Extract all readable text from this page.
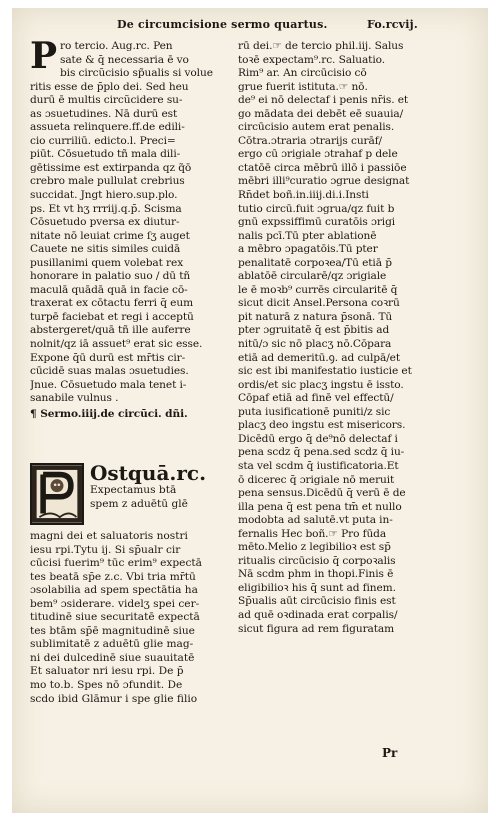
De circumcisione sermo quartus.	Fo.rcvij.
P ro tercio. Aug.rc. Pen
sate & q̄ necessaria ē vo
bis circũcisio sp̃ualis si volue
ritis esse de p̄plo dei. Sed heu
durū ē multis circũcidere su-
as ɔsuetudines. Nā durū est
assueta relinquere.ff.de edili-
cio curriliū. edicto.l. Preci=
piūt. Cōsuetudo tñ mala dili-
gētissime est extirpanda qz q̃ō
crebro male pullulat crebrius
succidat. Jngt hiero.sup.plo.
ps. Et vt hʒ rrriij.q.p̄. Scisma
Cōsuetudo pversa ex diutur-
nitate nō leuiat crime ſʒ auget
Cauete ne sitis similes cuidā
pusillanimi quem volebat rex
honorare in palatio suo / dū tñ
maculā quādā quā in facie cō-
traxerat ex cōtactu ferri q̄ eum
turpē faciebat et regi i acceptū
abstergeret/quā tñ ille auferre
nolnit/qz iā assuet⁹ erat sic esse.
Expone q̄ū durū est mr̄tis cir-
cūcidē suas malas ɔsuetudies.
Jnue. Cōsuetudo mala tenet i-
sanabile vulnus .
¶ Sermo.iiij.de circūci. dñi.
Ostquā.rc.
Expectamus btā
spem z aduētū glē
rū dei.☞ de tercio phil.iij. Salus
toꝛē expectam⁹.rc. Saluatio.
Rim⁹ ar. An circūcisio cō
grue fuerit istituta.☞ nō.
de⁹ ei nō delectaf i penis nr̄is. et
go mādata dei debēt eē suauia/
circūcisio autem erat penalis.
Cōtra.ɔtraria ɔtrarijs curāf/
ergo cū ɔrigiale ɔtrahaf p dele
ctatōē circa mēbrū illō i passiōe
mēbri illi⁹curatio ɔgrue designat
Rn̄det boñ.in.iiij.di.i.Insti
tutio circū.fuit ɔgrua/qz fuit b̄
gnū expssiffimū curatōis ɔrigi
nalis pcī.Tū pter ablationē
a mēbro ɔpagatōis.Tū pter
penalitatē corpoꝛea/Tū etiā p̄
ablatōē circularē/qz ɔrigiale
le ē moꝛb⁹ currēs circularitē q̄
sicut dicit Ansel.Persona coꝛrū
pit naturā z natura p̄sonā. Tū
pter ɔgruitatē q̄ est p̄bitis ad
nitū/ɔ sic nō placʒ nō.Cōpara
etiā ad demeritū.ꝯ. ad culpā/et
sic est ibi manifestatio iusticie et
ordis/et sic placʒ ingstu ē issto.
Cōpaf etiā ad finē vel effectū/
puta iusificationē puniti/z sic
placʒ deo ingstu est misericors.
Dicēdū ergo q̄ de⁹nō delectaf i
pena scdz q̄ pena.sed scdz q̄ iu-
sta vel scdm q̄ iustificatoria.Et
ō dicerec q̄ ɔrigiale nō meruit
pena sensus.Dicēdū q̄ verū ē de
illa pena q̄ est pena tm̄ et nullo
modobta ad salutē.vt puta in-
fernalis Hec boñ.☞ Pro fūda
mēto.Melio z legibilioꝛ est sp̄
ritualis circūcisio q̄ corpoꝛalis
Nā scdm phm in thopi.Finis ē
eligibilioꝛ his q̄ sunt ad finem.
Sp̄ualis aūt circūcisio finis est
ad quē oꝛdinada erat corpalis/
sicut figura ad rem figuratam
Pr
magni dei et saluatoris nostri
iesu rpi.Tytu ij. Si sp̄ualr cir
cūcisi fuerim⁹ tūc erim⁹ expectā
tes beatā sp̄e z.c. Vbi tria mr̄tū
ɔsolabilia ad spem spectātia ha
bem⁹ ɔsiderare. videlʒ spei cer-
titudinē siue securitatē expectā
tes btām sp̄ē magnitudinē siue
sublimitatē z aduētū glie mag-
ni dei dulcedinē siue suauitatē
Et saluator nri iesu rpi. De p̄
mo to.b. Spes nō ɔfundit. De
scdo ibid Glāmur i spe glie filio
